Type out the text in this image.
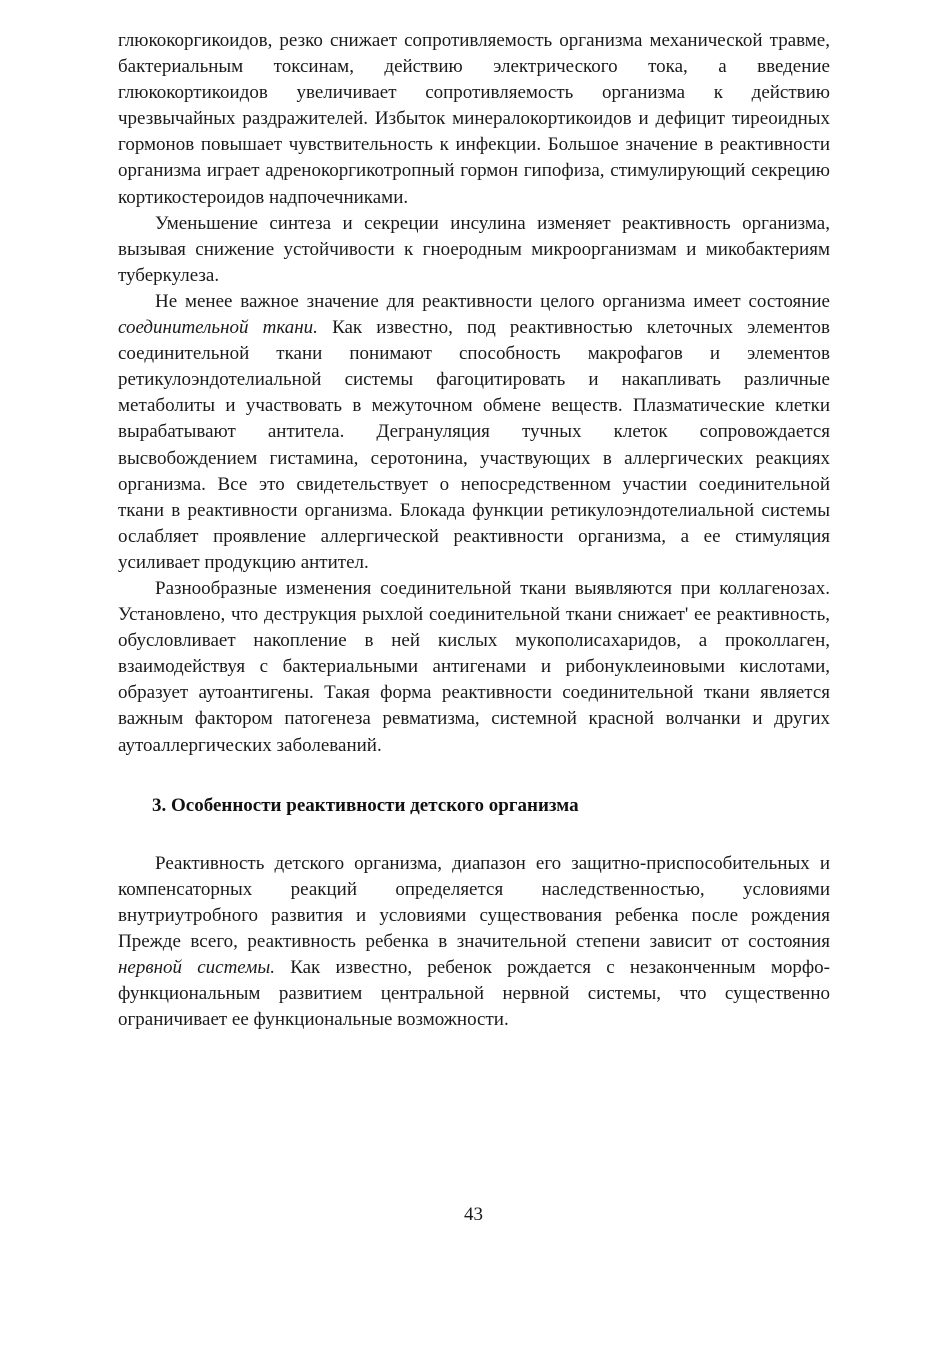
глюкокоргикоидов, резко снижает сопротивляемость организма механической травме, бактериальным токсинам, действию электрического тока, а введение глюкокортикоидов увеличивает сопротивляемость организма к действию чрезвычайных раздражителей. Избыток минералокортикоидов и дефицит тиреоидных гормонов повышает чувствительность к инфекции. Большое значение в реактивности организма играет адренокоргикотропный гормон гипофиза, стимулирующий секрецию кортикостероидов надпочечниками.

Уменьшение синтеза и секреции инсулина изменяет реактивность организма, вызывая снижение устойчивости к гноеродным микроорганизмам и микобактериям туберкулеза.

Не менее важное значение для реактивности целого организма имеет состояние соединительной ткани. Как известно, под реактивностью клеточных элементов соединительной ткани понимают способность макрофагов и элементов ретикулоэндотелиальной системы фагоцитировать и накапливать различные метаболиты и участвовать в межуточном обмене веществ. Плазматические клетки вырабатывают антитела. Дегрануляция тучных клеток сопровождается высвобождением гистамина, серотонина, участвующих в аллергических реакциях организма. Все это свидетельствует о непосредственном участии соединительной ткани в реактивности организма. Блокада функции ретикулоэндотелиальной системы ослабляет проявление аллергической реактивности организма, а ее стимуляция усиливает продукцию антител.

Разнообразные изменения соединительной ткани выявляются при коллагенозах. Установлено, что деструкция рыхлой соединительной ткани снижает' ее реактивность, обусловливает накопление в ней кислых мукополисахаридов, а проколлаген, взаимодействуя с бактериальными антигенами и рибонуклеиновыми кислотами, образует аутоантигены. Такая форма реактивности соединительной ткани является важным фактором патогенеза ревматизма, системной красной волчанки и других аутоаллергических заболеваний.

3. Особенности реактивности детского организма

Реактивность детского организма, диапазон его защитно-приспособительных и компенсаторных реакций определяется наследственностью, условиями внутриутробного развития и условиями существования ребенка после рождения Прежде всего, реактивность ребенка в значительной степени зависит от состояния нервной системы. Как известно, ребенок рождается с незаконченным морфо-функциональным развитием центральной нервной системы, что существенно ограничивает ее функциональные возможности.

43
